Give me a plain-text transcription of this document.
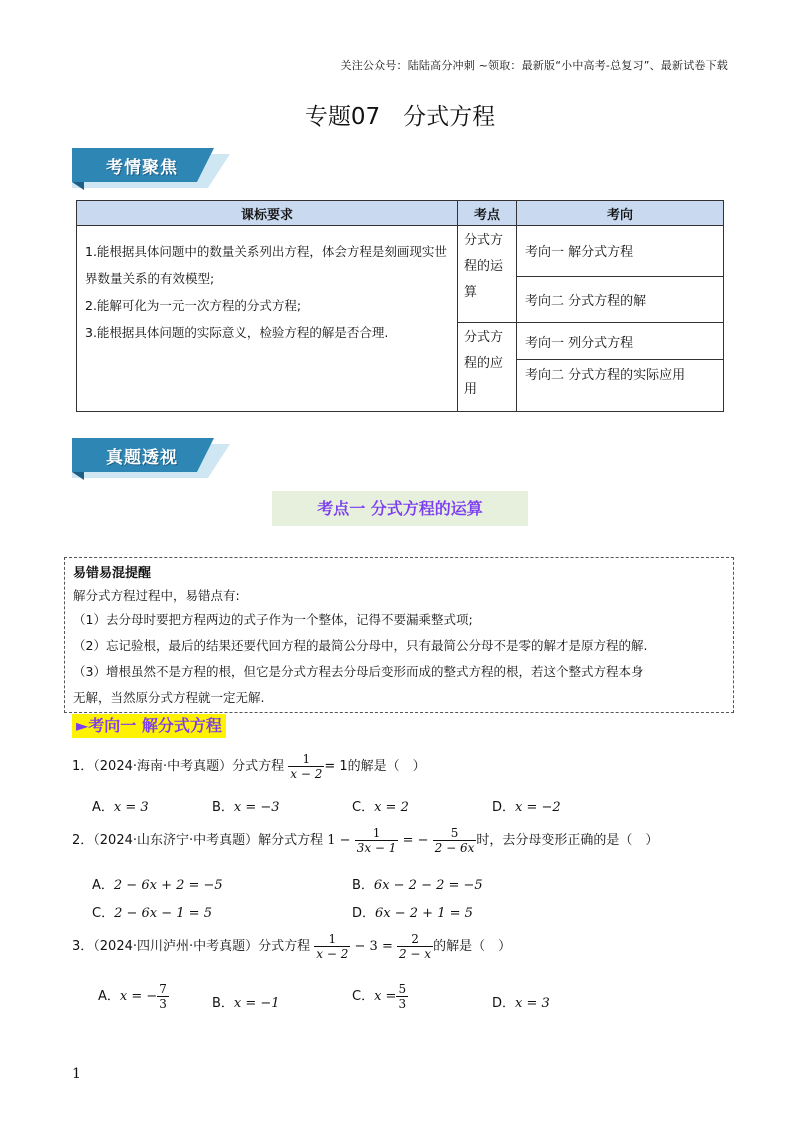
关注公众号：陆陆高分冲刺 ~领取：最新版“小中高考-总复习”、最新试卷下载
专题07　分式方程
考情聚焦
课标要求	考点	考向

1.能根据具体问题中的数量关系列出方程，体会方程是刻画现实世界数量关系的有效模型;
2.能解可化为一元一次方程的分式方程;
3.能根据具体问题的实际意义，检验方程的解是否合理.	分式方程的运算	考向一 解分式方程
		考向二 分式方程的解
	分式方程的应用	考向一 列分式方程
		考向二 分式方程的实际应用
真题透视
考点一 分式方程的运算
易错易混提醒
解分式方程过程中，易错点有:
（1）去分母时要把方程两边的式子作为一个整体，记得不要漏乘整式项;
（2）忘记验根，最后的结果还要代回方程的最简公分母中，只有最简公分母不是零的解才是原方程的解.
（3）增根虽然不是方程的根，但它是分式方程去分母后变形而成的整式方程的根，若这个整式方程本身
无解，当然原分式方程就一定无解.
►考向一 解分式方程
1．（2024·海南·中考真题）分式方程 $\frac{1}{x - 2} = 1$的解是（　）
A．x = 3	B．x = −3	C．x = 2	D．x = −2
2．（2024·山东济宁·中考真题）解分式方程 $1 - \frac{1}{3x - 1}$ = − $\frac{5}{2 - 6x}$ 时，去分母变形正确的是（　）
A．2 − 6x + 2 = −5	B．6x − 2 − 2 = −5
C．2 − 6x − 1 = 5	D．6x − 2 + 1 = 5
3．（2024·四川泸州·中考真题）分式方程 $\frac{1}{x - 2} - 3 = \frac{2}{2 - x}$ 的解是（　）
A．x = − $\frac{7}{3}$	B．x = −1	C．$x = \frac{5}{3}$	D．x = 3
1
